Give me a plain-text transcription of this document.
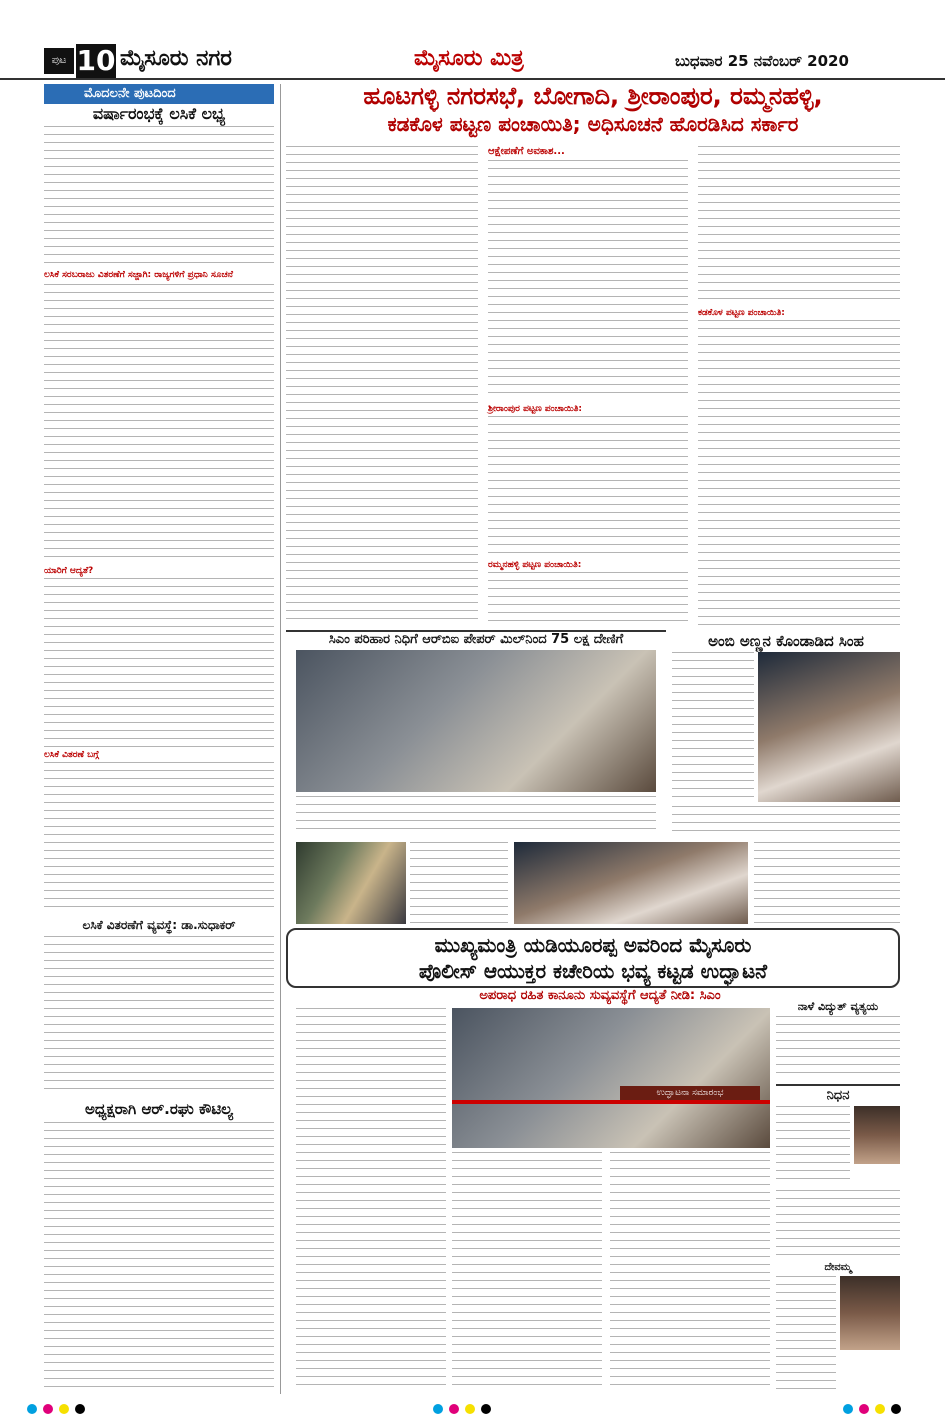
ಪುಟ 10 ಮೈಸೂರು ನಗರ	ಮೈಸೂರು ಮಿತ್ರ	ಬುಧವಾರ 25 ನವೆಂಬರ್ 2020
ಮೊದಲನೇ ಪುಟದಿಂದ
ವರ್ಷಾರಂಭಕ್ಕೆ ಲಸಿಕೆ ಲಭ್ಯ
ಲಸಿಕೆ ಸರಬರಾಜು ವಿತರಣೆಗೆ ಸಜ್ಜಾಗಿ: ರಾಜ್ಯಗಳಿಗೆ ಪ್ರಧಾನಿ ಸೂಚನೆ
ಯಾರಿಗೆ ಆದ್ಯತೆ?
ಲಸಿಕೆ ವಿತರಣೆ ಬಗ್ಗೆ
ಲಸಿಕೆ ವಿತರಣೆಗೆ ವ್ಯವಸ್ಥೆ: ಡಾ.ಸುಧಾಕರ್
ಅಧ್ಯಕ್ಷರಾಗಿ ಆರ್.ರಘು ಕೌಟಿಲ್ಯ
ಹೂಟಗಳ್ಳಿ ನಗರಸಭೆ, ಬೋಗಾದಿ, ಶ್ರೀರಾಂಪುರ, ರಮ್ಮನಹಳ್ಳಿ,
ಕಡಕೊಳ ಪಟ್ಟಣ ಪಂಚಾಯಿತಿ; ಅಧಿಸೂಚನೆ ಹೊರಡಿಸಿದ ಸರ್ಕಾರ
ಆಕ್ಷೇಪಣೆಗೆ ಅವಕಾಶ...
ಶ್ರೀರಾಂಪುರ ಪಟ್ಟಣ ಪಂಚಾಯಿತಿ:
ರಮ್ಮನಹಳ್ಳಿ ಪಟ್ಟಣ ಪಂಚಾಯಿತಿ:
ಕಡಕೊಳ ಪಟ್ಟಣ ಪಂಚಾಯಿತಿ:
ಸಿಎಂ ಪರಿಹಾರ ನಿಧಿಗೆ ಆರ್‌ಬಿಐ ಪೇಪರ್ ಮಿಲ್‌ನಿಂದ 75 ಲಕ್ಷ ದೇಣಿಗೆ	ಅಂಬಿ ಅಣ್ಣನ ಕೊಂಡಾಡಿದ ಸಿಂಹ
ಮುಖ್ಯಮಂತ್ರಿ ಯಡಿಯೂರಪ್ಪ ಅವರಿಂದ ಮೈಸೂರು
ಪೊಲೀಸ್ ಆಯುಕ್ತರ ಕಚೇರಿಯ ಭವ್ಯ ಕಟ್ಟಡ ಉದ್ಘಾಟನೆ
ಅಪರಾಧ ರಹಿತ ಕಾನೂನು ಸುವ್ಯವಸ್ಥೆಗೆ ಆದ್ಯತೆ ನೀಡಿ: ಸಿಎಂ
ಉದ್ಘಾಟನಾ ಸಮಾರಂಭ
ನಾಳೆ ವಿದ್ಯುತ್ ವ್ಯತ್ಯಯ
ನಿಧನ
ದೇವಮ್ಮ
